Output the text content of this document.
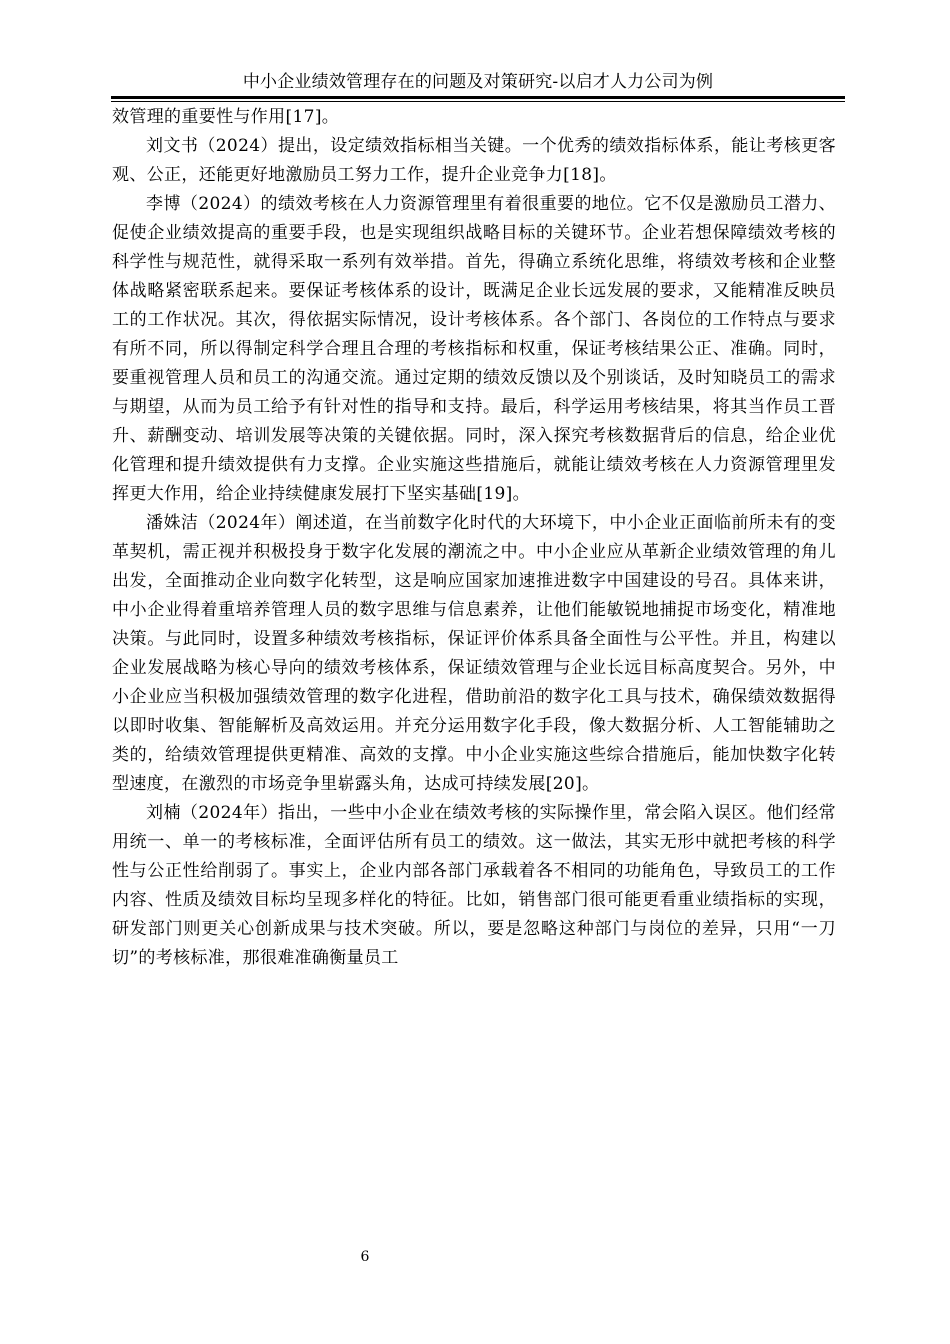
中小企业绩效管理存在的问题及对策研究-以启才人力公司为例

效管理的重要性与作用[17]。

刘文书（2024）提出，设定绩效指标相当关键。一个优秀的绩效指标体系，能让考核更客观、公正，还能更好地激励员工努力工作，提升企业竞争力[18]。

李博（2024）的绩效考核在人力资源管理里有着很重要的地位。它不仅是激励员工潜力、促使企业绩效提高的重要手段，也是实现组织战略目标的关键环节。企业若想保障绩效考核的科学性与规范性，就得采取一系列有效举措。首先，得确立系统化思维，将绩效考核和企业整体战略紧密联系起来。要保证考核体系的设计，既满足企业长远发展的要求，又能精准反映员工的工作状况。其次，得依据实际情况，设计考核体系。各个部门、各岗位的工作特点与要求有所不同，所以得制定科学合理且合理的考核指标和权重，保证考核结果公正、准确。同时，要重视管理人员和员工的沟通交流。通过定期的绩效反馈以及个别谈话，及时知晓员工的需求与期望，从而为员工给予有针对性的指导和支持。最后，科学运用考核结果，将其当作员工晋升、薪酬变动、培训发展等决策的关键依据。同时，深入探究考核数据背后的信息，给企业优化管理和提升绩效提供有力支撑。企业实施这些措施后，就能让绩效考核在人力资源管理里发挥更大作用，给企业持续健康发展打下坚实基础[19]。

潘姝洁（2024年）阐述道，在当前数字化时代的大环境下，中小企业正面临前所未有的变革契机，需正视并积极投身于数字化发展的潮流之中。中小企业应从革新企业绩效管理的角儿出发，全面推动企业向数字化转型，这是响应国家加速推进数字中国建设的号召。具体来讲，中小企业得着重培养管理人员的数字思维与信息素养，让他们能敏锐地捕捉市场变化，精准地决策。与此同时，设置多种绩效考核指标，保证评价体系具备全面性与公平性。并且，构建以企业发展战略为核心导向的绩效考核体系，保证绩效管理与企业长远目标高度契合。另外，中小企业应当积极加强绩效管理的数字化进程，借助前沿的数字化工具与技术，确保绩效数据得以即时收集、智能解析及高效运用。并充分运用数字化手段，像大数据分析、人工智能辅助之类的，给绩效管理提供更精准、高效的支撑。中小企业实施这些综合措施后，能加快数字化转型速度，在激烈的市场竞争里崭露头角，达成可持续发展[20]。

刘楠（2024年）指出，一些中小企业在绩效考核的实际操作里，常会陷入误区。他们经常用统一、单一的考核标准，全面评估所有员工的绩效。这一做法，其实无形中就把考核的科学性与公正性给削弱了。事实上，企业内部各部门承载着各不相同的功能角色，导致员工的工作内容、性质及绩效目标均呈现多样化的特征。比如，销售部门很可能更看重业绩指标的实现，研发部门则更关心创新成果与技术突破。所以，要是忽略这种部门与岗位的差异，只用“一刀切”的考核标准，那很难准确衡量员工

6
